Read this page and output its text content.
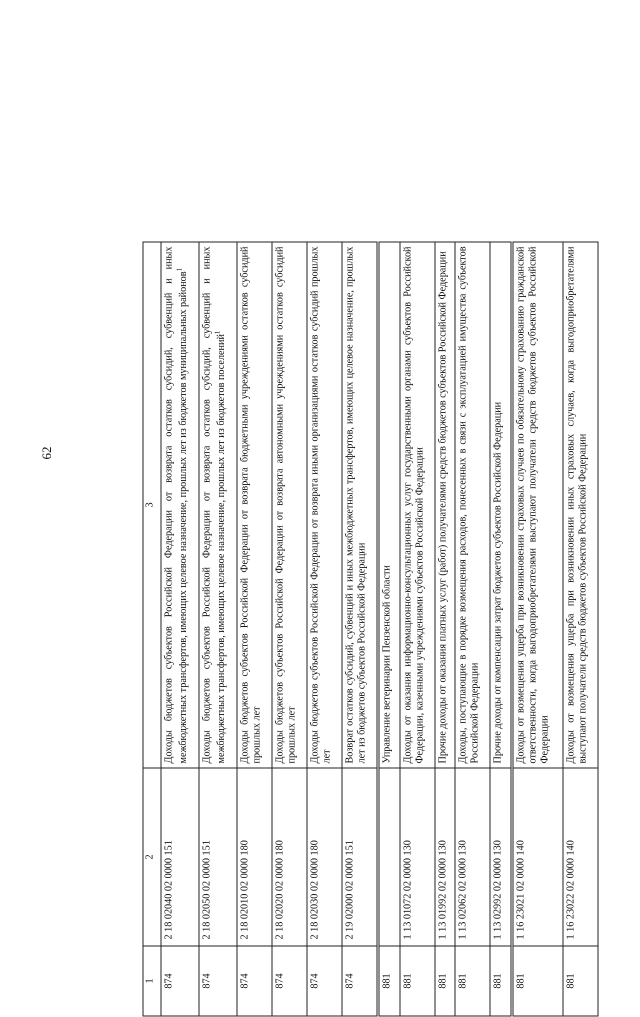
62
1	2	3
874	2 18 02040 02 0000 151	Доходы бюджетов субъектов Российской Федерации от возврата остатков субсидий, субвенций и иных межбюджетных трансфертов, имеющих целевое назначение, прошлых лет из бюджетов муниципальных районов$^1$
874	2 18 02050 02 0000 151	Доходы бюджетов субъектов Российской Федерации от возврата остатков субсидий, субвенций и иных межбюджетных трансфертов, имеющих целевое назначение, прошлых лет из бюджетов поселений$^1$
874	2 18 02010 02 0000 180	Доходы бюджетов субъектов Российской Федерации от возврата бюджетными учреждениями остатков субсидий прошлых лет
874	2 18 02020 02 0000 180	Доходы бюджетов субъектов Российской Федерации от возврата автономными учреждениями остатков субсидий прошлых лет
874	2 18 02030 02 0000 180	Доходы бюджетов субъектов Российской Федерации от возврата иными организациями остатков субсидий прошлых лет
874	2 19 02000 02 0000 151	Возврат остатков субсидий, субвенций и иных межбюджетных трансфертов, имеющих целевое назначение, прошлых лет из бюджетов субъектов Российской Федерации
881		Управление ветеринарии Пензенской области
881	1 13 01072 02 0000 130	Доходы от оказания информационно-консультационных услуг государственными органами субъектов Российской Федерации, казенными учреждениями субъектов Российской Федерации
881	1 13 01992 02 0000 130	Прочие доходы от оказания платных услуг (работ) получателями средств бюджетов субъектов Российской Федерации
881	1 13 02062 02 0000 130	Доходы, поступающие в порядке возмещения расходов, понесенных в связи с эксплуатацией имущества субъектов Российской Федерации
881	1 13 02992 02 0000 130	Прочие доходы от компенсации затрат бюджетов субъектов Российской Федерации
881	1 16 23021 02 0000 140	Доходы от возмещения ущерба при возникновении страховых случаев по обязательному страхованию гражданской ответственности, когда выгодоприобретателями выступают получатели средств бюджетов субъектов Российской Федерации
881	1 16 23022 02 0000 140	Доходы от возмещения ущерба при возникновении иных страховых случаев, когда выгодоприобретателями выступают получатели средств бюджетов субъектов Российской Федерации
